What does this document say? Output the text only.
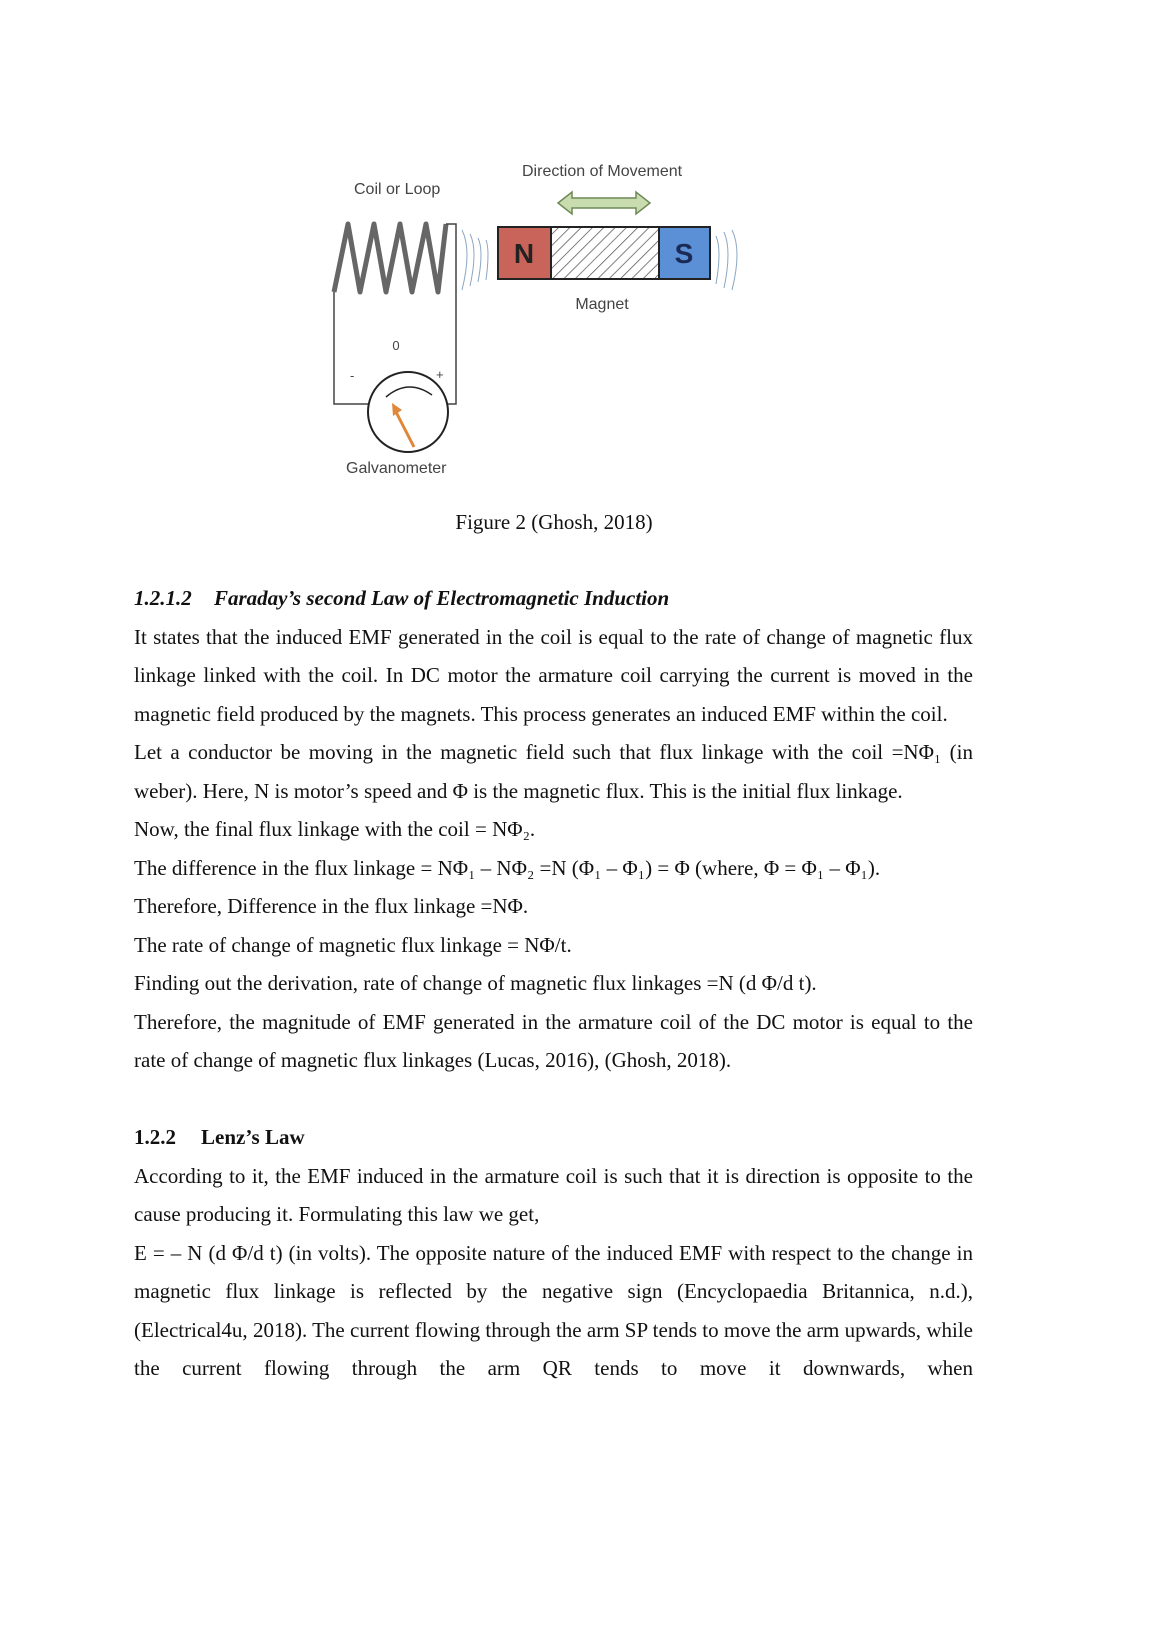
Coil or Loop
Direction of Movement
N	S
Magnet
0
-	+
Galvanometer
Figure 2 (Ghosh, 2018)

1.2.1.2 Faraday’s second Law of Electromagnetic Induction

It states that the induced EMF generated in the coil is equal to the rate of change of magnetic flux linkage linked with the coil. In DC motor the armature coil carrying the current is moved in the magnetic field produced by the magnets. This process generates an induced EMF within the coil.

Let a conductor be moving in the magnetic field such that flux linkage with the coil =NΦ₁ (in weber). Here, N is motor’s speed and Φ is the magnetic flux. This is the initial flux linkage.

Now, the final flux linkage with the coil = NΦ₂.

The difference in the flux linkage = NΦ₁ – NΦ₂ =N (Φ₁ – Φ₁) = Φ (where, Φ = Φ₁ – Φ₁).

Therefore, Difference in the flux linkage =NΦ.

The rate of change of magnetic flux linkage = NΦ/t.

Finding out the derivation, rate of change of magnetic flux linkages =N (d Φ/d t).

Therefore, the magnitude of EMF generated in the armature coil of the DC motor is equal to the rate of change of magnetic flux linkages (Lucas, 2016), (Ghosh, 2018).

1.2.2 Lenz’s Law

According to it, the EMF induced in the armature coil is such that it is direction is opposite to the cause producing it. Formulating this law we get,

E = – N (d Φ/d t) (in volts). The opposite nature of the induced EMF with respect to the change in magnetic flux linkage is reflected by the negative sign (Encyclopaedia Britannica, n.d.), (Electrical4u, 2018). The current flowing through the arm SP tends to move the arm upwards, while the current flowing through the arm QR tends to move it downwards, when
